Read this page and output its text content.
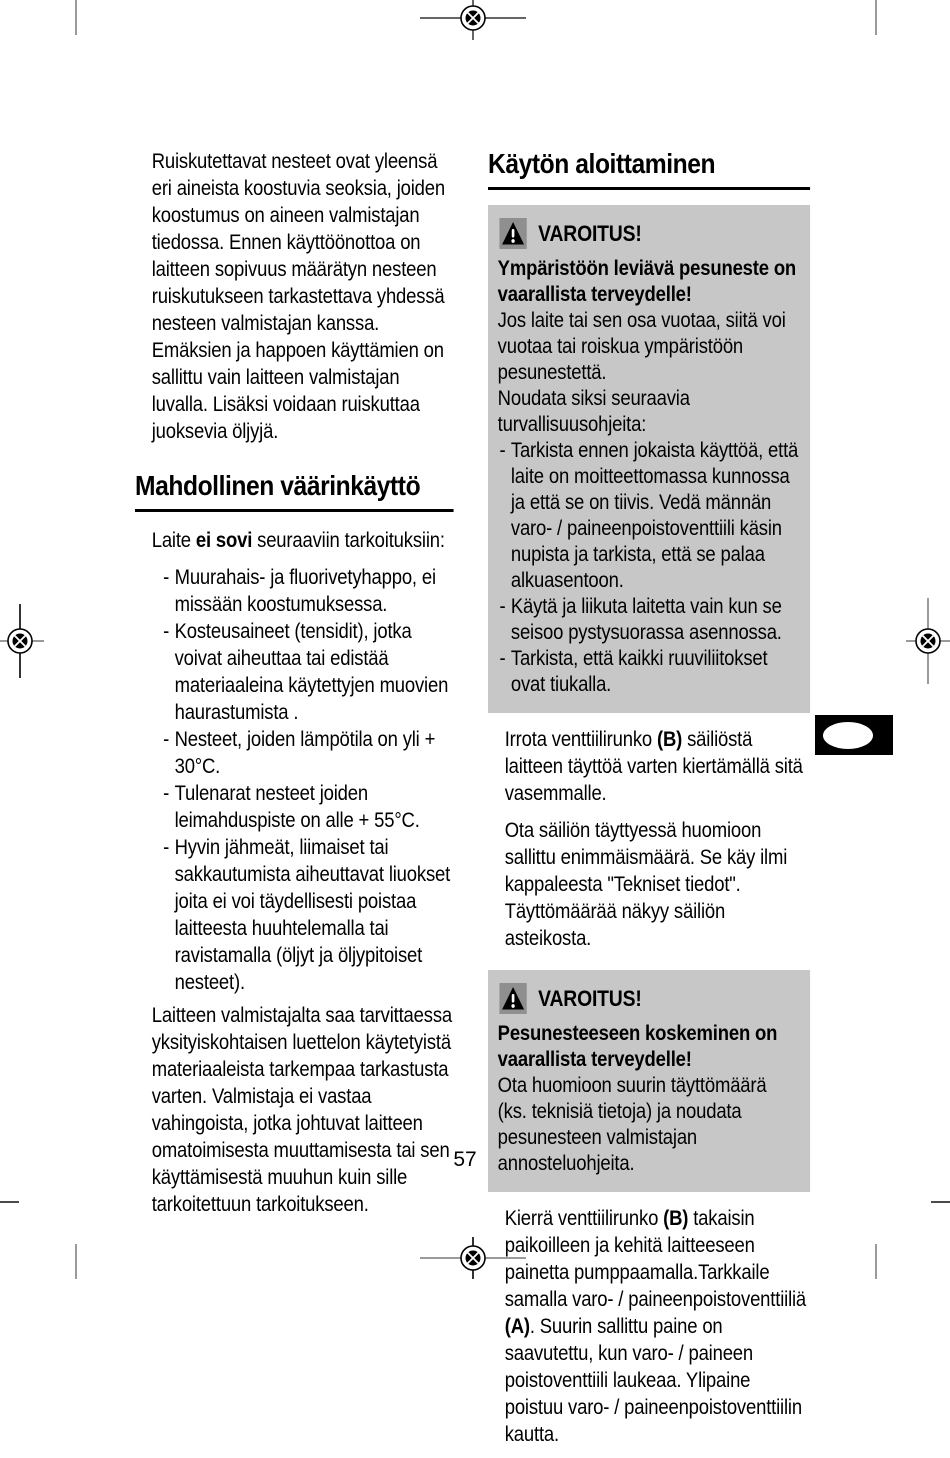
Ruiskutettavat nesteet ovat yleensä eri aineista koostuvia seoksia, joiden koostumus on aineen valmistajan tiedossa. Ennen käyttöönottoa on laitteen sopivuus määrätyn nesteen ruiskutukseen tarkastettava yhdessä nesteen valmistajan kanssa. Emäksien ja happoen käyttämien on sallittu vain laitteen valmistajan luvalla. Lisäksi voidaan ruiskuttaa juoksevia öljyjä.

Mahdollinen väärinkäyttö

Laite ei sovi seuraaviin tarkoituksiin:

- Muurahais- ja fluorivetyhappo, ei missään koostumuksessa.
- Kosteusaineet (tensidit), jotka voivat aiheuttaa tai edistää materiaaleina käytettyjen muovien haurastumista .
- Nesteet, joiden lämpötila on yli + 30°C.
- Tulenarat nesteet joiden leimahduspiste on alle + 55°C.
- Hyvin jähmeät, liimaiset tai sakkautumista aiheuttavat liuokset joita ei voi täydellisesti poistaa laitteesta huuhtelemalla tai ravistamalla (öljyt ja öljypitoiset nesteet).

Laitteen valmistajalta saa tarvittaessa yksityiskohtaisen luettelon käytetyistä materiaaleista tarkempaa tarkastusta varten. Valmistaja ei vastaa vahingoista, jotka johtuvat laitteen omatoimisesta muuttamisesta tai sen käyttämisestä muuhun kuin sille tarkoitettuun tarkoitukseen.

Käytön aloittaminen
VAROITUS!

Ympäristöön leviävä pesuneste on vaarallista terveydelle!

Jos laite tai sen osa vuotaa, siitä voi vuotaa tai roiskua ympäristöön pesunestettä.

Noudata siksi seuraavia turvallisuusohjeita:

- Tarkista ennen jokaista käyttöä, että laite on moitteettomassa kunnossa ja että se on tiivis. Vedä männän varo- / paineenpoistoventtiili käsin nupista ja tarkista, että se palaa alkuasentoon.
- Käytä ja liikuta laitetta vain kun se seisoo pystysuorassa asennossa.
- Tarkista, että kaikki ruuviliitokset ovat tiukalla.

Irrota venttiilirunko (B) säiliöstä laitteen täyttöä varten kiertämällä sitä vasemmalle.

Ota säiliön täyttyessä huomioon sallittu enimmäismäärä. Se käy ilmi kappaleesta "Tekniset tiedot". Täyttömäärää näkyy säiliön asteikosta.

VAROITUS!

Pesunesteeseen koskeminen on vaarallista terveydelle!

Ota huomioon suurin täyttömäärä (ks. teknisiä tietoja) ja noudata pesunesteen valmistajan annosteluohjeita.

Kierrä venttiilirunko (B) takaisin paikoilleen ja kehitä laitteeseen painetta pumppaamalla.Tarkkaile samalla varo- / paineenpoistoventtiiliä (A). Suurin sallittu paine on saavutettu, kun varo- / paineen poistoventtiili laukeaa. Ylipaine poistuu varo- / paineenpoistoventtiilin kautta.

57
